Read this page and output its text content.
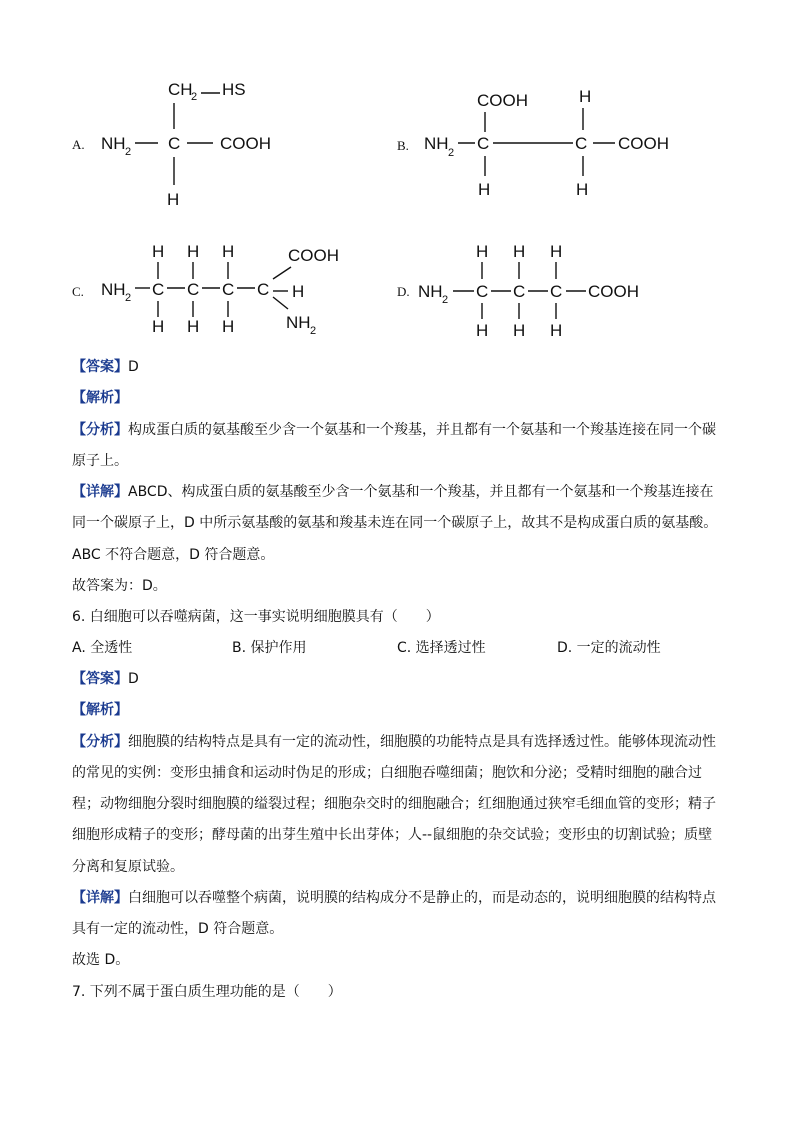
A.
CH
2 HS
NH 2 C COOH
H
B.
COOH	H
NH 2 C	C COOH
H	H
C.
H H H	COOH
NH 2 C C C C H
H H H	NH 2
D.
H H H
NH 2 C C C COOH
H H H
【答案】D
【解析】
【分析】构成蛋白质的氨基酸至少含一个氨基和一个羧基，并且都有一个氨基和一个羧基连接在同一个碳
原子上。
【详解】ABCD、构成蛋白质的氨基酸至少含一个氨基和一个羧基，并且都有一个氨基和一个羧基连接在
同一个碳原子上，D 中所示氨基酸的氨基和羧基未连在同一个碳原子上，故其不是构成蛋白质的氨基酸。
ABC 不符合题意，D 符合题意。
故答案为：D。
6. 白细胞可以吞噬病菌，这一事实说明细胞膜具有（　　）
A. 全透性	B. 保护作用	C. 选择透过性	D. 一定的流动性
【答案】D
【解析】
【分析】细胞膜的结构特点是具有一定的流动性，细胞膜的功能特点是具有选择透过性。能够体现流动性
的常见的实例：变形虫捕食和运动时伪足的形成；白细胞吞噬细菌；胞饮和分泌；受精时细胞的融合过
程；动物细胞分裂时细胞膜的缢裂过程；细胞杂交时的细胞融合；红细胞通过狭窄毛细血管的变形；精子
细胞形成精子的变形；酵母菌的出芽生殖中长出芽体；人--鼠细胞的杂交试验；变形虫的切割试验；质壁
分离和复原试验。
【详解】白细胞可以吞噬整个病菌，说明膜的结构成分不是静止的，而是动态的，说明细胞膜的结构特点
具有一定的流动性，D 符合题意。
故选 D。
7. 下列不属于蛋白质生理功能的是（　　）
